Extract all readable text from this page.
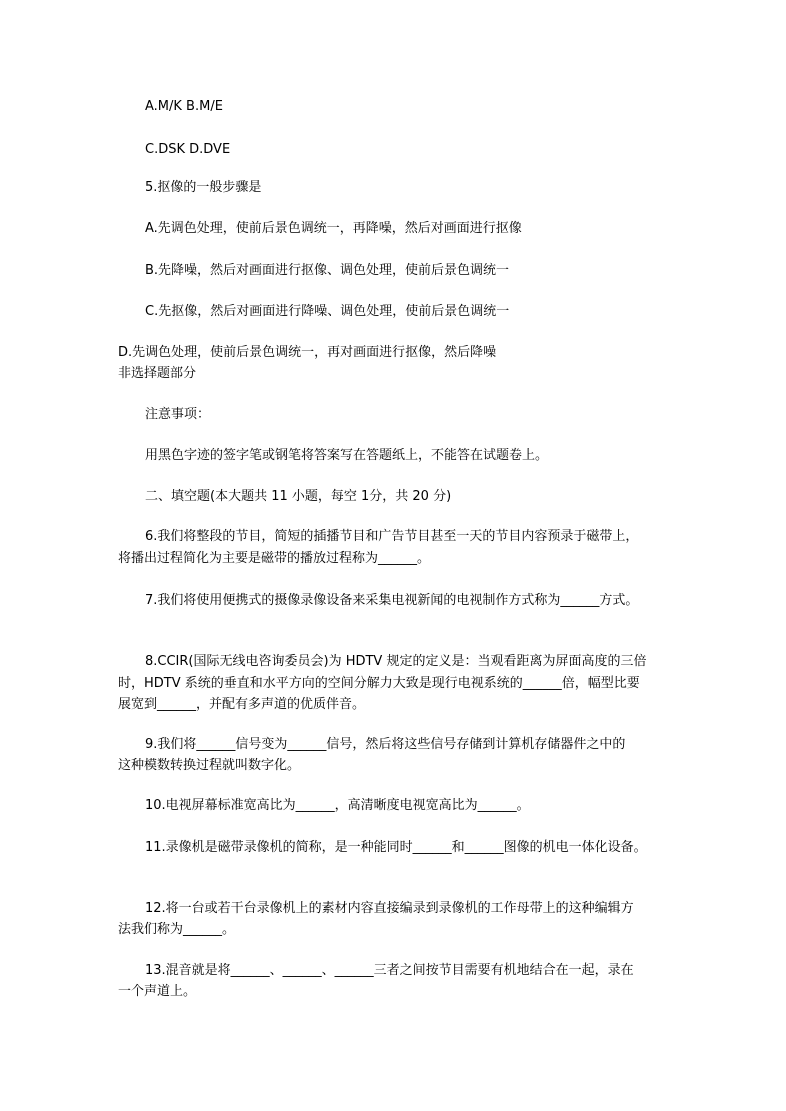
A.M/K B.M/E
C.DSK D.DVE
5.抠像的一般步骤是
A.先调色处理，使前后景色调统一，再降噪，然后对画面进行抠像
B.先降噪，然后对画面进行抠像、调色处理，使前后景色调统一
C.先抠像，然后对画面进行降噪、调色处理，使前后景色调统一
D.先调色处理，使前后景色调统一，再对画面进行抠像，然后降噪
非选择题部分
注意事项：
用黑色字迹的签字笔或钢笔将答案写在答题纸上，不能答在试题卷上。
二、填空题(本大题共 11 小题，每空 1分，共 20 分)
6.我们将整段的节目，简短的插播节目和广告节目甚至一天的节目内容预录于磁带上，
将播出过程简化为主要是磁带的播放过程称为______。
7.我们将使用便携式的摄像录像设备来采集电视新闻的电视制作方式称为______方式。
8.CCIR(国际无线电咨询委员会)为 HDTV 规定的定义是：当观看距离为屏面高度的三倍
时，HDTV 系统的垂直和水平方向的空间分解力大致是现行电视系统的______倍，幅型比要
展宽到______，并配有多声道的优质伴音。
9.我们将______信号变为______信号，然后将这些信号存储到计算机存储器件之中的
这种模数转换过程就叫数字化。
10.电视屏幕标准宽高比为______，高清晰度电视宽高比为______。
11.录像机是磁带录像机的简称，是一种能同时______和______图像的机电一体化设备。
12.将一台或若干台录像机上的素材内容直接编录到录像机的工作母带上的这种编辑方
法我们称为______。
13.混音就是将______、______、______三者之间按节目需要有机地结合在一起，录在
一个声道上。
